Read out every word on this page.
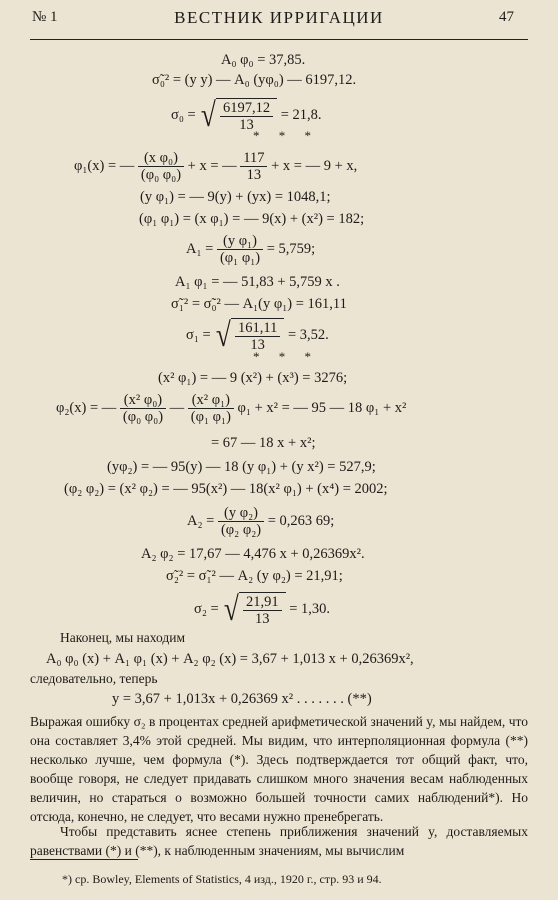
№ 1	ВЕСТНИК ИРРИГАЦИИ	47
A₀ φ₀ = 37,85.
σ̃₀² = (y y) — A₀ (yφ₀) — 6197,12.
σ₀ = √ $\frac{6197,12}{13} = 21,8$.
* * *
φ₁(x) = — $\frac{\text{(x φ₀)}}{\text{(φ₀ φ₀)}} + x$ = — $\frac{117}{13} + x$ = — 9 + x,
(y φ₁) = — 9(y) + (yx) = 1048,1;
(φ₁ φ₁) = (x φ₁) = — 9(x) + (x²) = 182;
$A_1 = \frac{\text{(y φ₁)}}{\text{(φ₁ φ₁)}} = 5,759$;
A₁ φ₁ = — 51,83 + 5,759 x .
σ̃₁² = σ̃₀² — A₁(y φ₁) = 161,11
σ₁ = √ $\frac{161,11}{13} = 3,52$.
* * *
(x² φ₁) = — 9 (x²) + (x³) = 3276;
φ₂(x) = — $\frac{\text{(x² φ₀)}}{\text{(φ₀ φ₀)}}$ — $\frac{\text{(x² φ₁)}}{\text{(φ₁ φ₁)}} \varphi_1 + x^2$ = — 95 — 18 φ₁ + x²
= 67 — 18 x + x²;
(yφ₂) = — 95(y) — 18 (y φ₁) + (y x²) = 527,9;
(φ₂ φ₂) = (x² φ₂) = — 95(x²) — 18(x² φ₁) + (x⁴) = 2002;
$A_2 = \frac{\text{(y φ₂)}}{\text{(φ₂ φ₂)}} = 0,263$ 69;
A₂ φ₂ = 17,67 — 4,476 x + 0,26369x².
σ̃₂² = σ̃₁² — A₂ (y φ₂) = 21,91;
σ₂ = √ $\frac{21,91}{13} = 1,30$.
Наконец, мы находим
A₀ φ₀ (x) + A₁ φ₁ (x) + A₂ φ₂ (x) = 3,67 + 1,013 x + 0,26369x²,
следовательно, теперь
y = 3,67 + 1,013x + 0,26369 x² . . . . . . . (**)
Выражая ошибку σ₂ в процентах средней арифметической значений y, мы найдем, что она составляет 3,4% этой средней. Мы видим, что интерполяционная формула (**) несколько лучше, чем формула (*). Здесь подтверждается тот общий факт, что, вообще говоря, не следует придавать слишком много значения весам наблюденных величин, но стараться о возможно большей точности самих наблюдений*). Но отсюда, конечно, не следует, что весами нужно пренебрегать.
Чтобы представить яснее степень приближения значений y, доставляемых равенствами (*) и (**), к наблюденным значениям, мы вычислим
*) ср. Bowley, Elements of Statistics, 4 изд., 1920 г., стр. 93 и 94.
